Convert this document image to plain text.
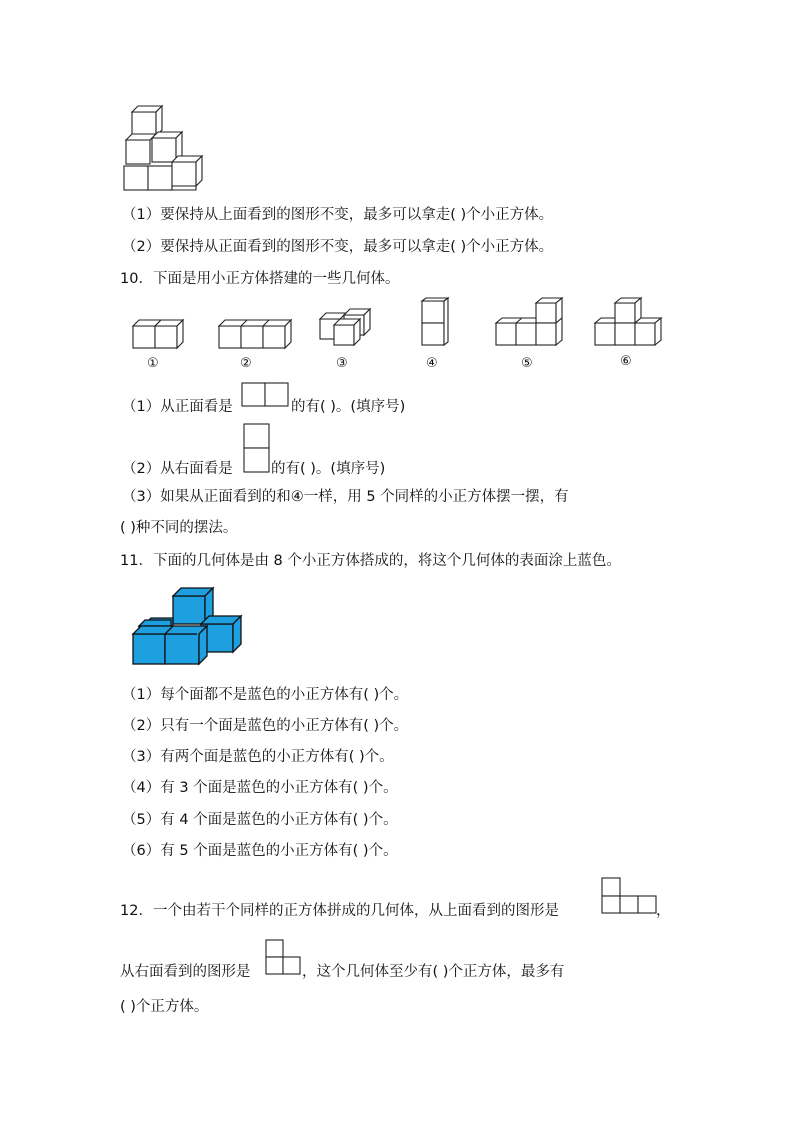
（1）要保持从上面看到的图形不变，最多可以拿走( )个小正方体。
（2）要保持从正面看到的图形不变，最多可以拿走( )个小正方体。
10．下面是用小正方体搭建的一些几何体。
①	②	③	④	⑤	⑥
（1）从正面看是	的有( )。(填序号)
（2）从右面看是	的有( )。(填序号)
（3）如果从正面看到的和④一样，用 5 个同样的小正方体摆一摆，有
( )种不同的摆法。
11．下面的几何体是由 8 个小正方体搭成的，将这个几何体的表面涂上蓝色。
（1）每个面都不是蓝色的小正方体有( )个。
（2）只有一个面是蓝色的小正方体有( )个。
（3）有两个面是蓝色的小正方体有( )个。
（4）有 3 个面是蓝色的小正方体有( )个。
（5）有 4 个面是蓝色的小正方体有( )个。
（6）有 5 个面是蓝色的小正方体有( )个。
12．一个由若干个同样的正方体拼成的几何体，从上面看到的图形是	，
从右面看到的图形是	，这个几何体至少有( )个正方体，最多有
( )个正方体。
